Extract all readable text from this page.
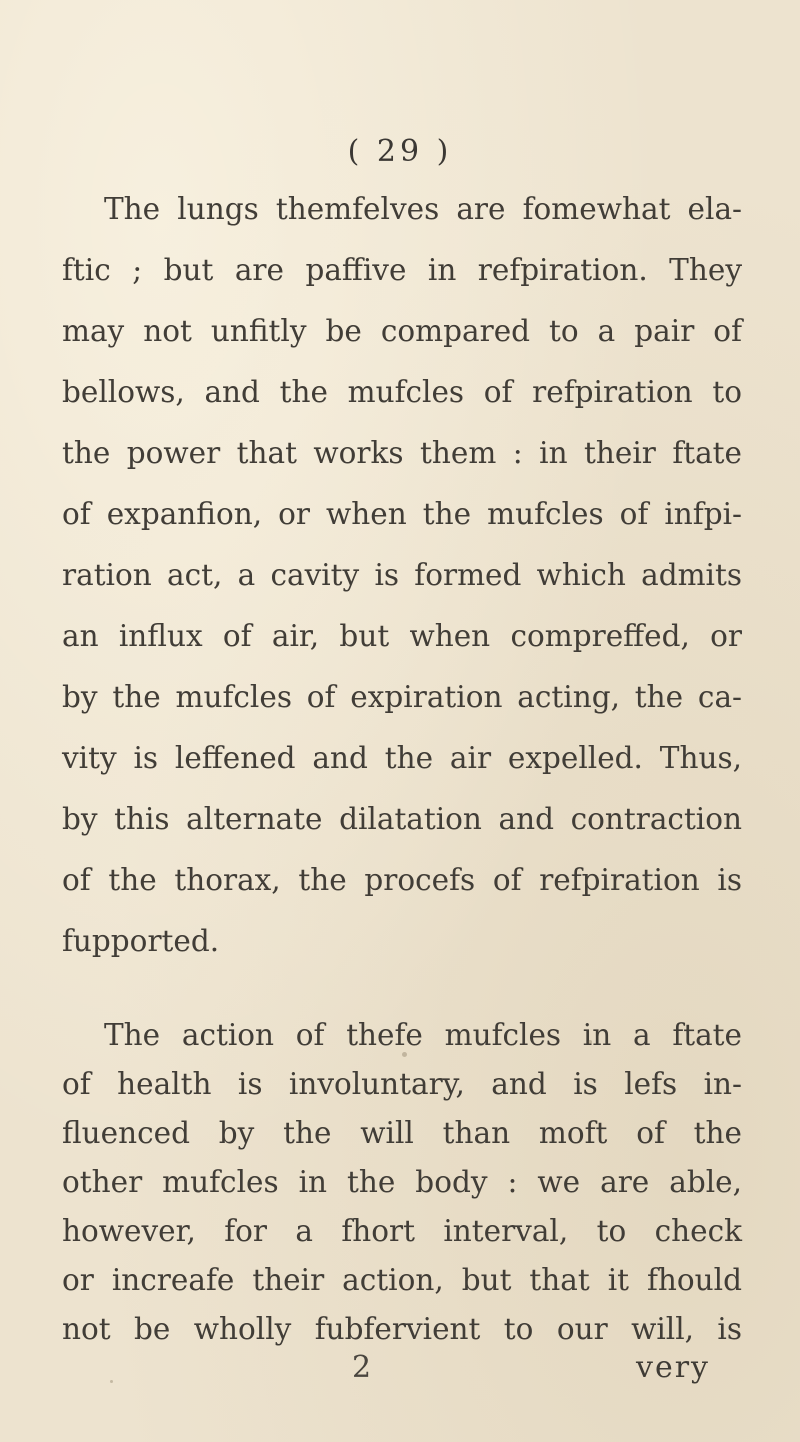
( 29 )
The lungs themfelves are fomewhat ela-
ftic ; but are paffive in refpiration. They
may not unfitly be compared to a pair of
bellows, and the mufcles of refpiration to
the power that works them : in their ftate
of expanfion, or when the mufcles of infpi-
ration act, a cavity is formed which admits
an influx of air, but when compreffed, or
by the mufcles of expiration acting, the ca-
vity is leffened and the air expelled. Thus,
by this alternate dilatation and contraction
of the thorax, the procefs of refpiration is
fupported.
The action of thefe mufcles in a ftate
of health is involuntary, and is lefs in-
fluenced by the will than moft of the
other mufcles in the body : we are able,
however, for a fhort interval, to check
or increafe their action, but that it fhould
not be wholly fubfervient to our will, is
2	very
